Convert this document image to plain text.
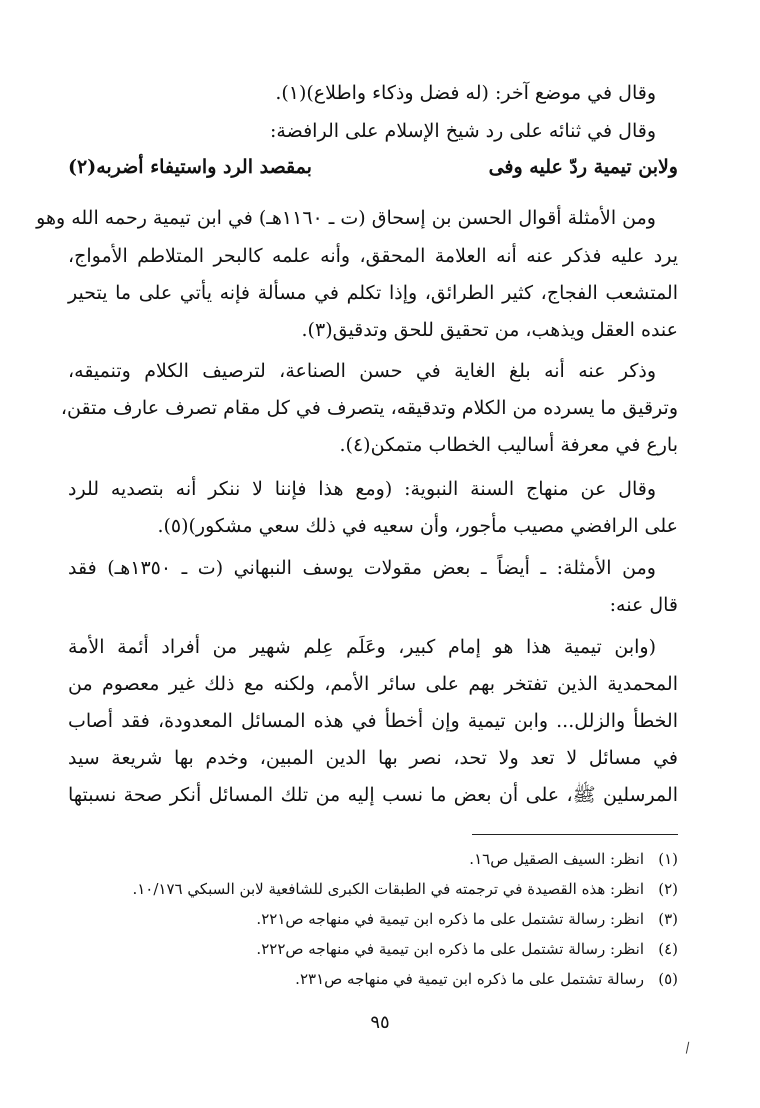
وقال في موضع آخر: (له فضل وذكاء واطلاع)(١).
وقال في ثنائه على رد شيخ الإسلام على الرافضة:
ولابن تيمية ردّ عليه وفى
بمقصد الرد واستيفاء أضربه(٢)
ومن الأمثلة أقوال الحسن بن إسحاق (ت ـ ١١٦٠هـ) في ابن تيمية رحمه الله وهو
يرد عليه فذكر عنه أنه العلامة المحقق، وأنه علمه كالبحر المتلاطم الأمواج،
المتشعب الفجاج، كثير الطرائق، وإذا تكلم في مسألة فإنه يأتي على ما يتحير
عنده العقل ويذهب، من تحقيق للحق وتدقيق(٣).
وذكر عنه أنه بلغ الغاية في حسن الصناعة، لترصيف الكلام وتنميقه،
وترقيق ما يسرده من الكلام وتدقيقه، يتصرف في كل مقام تصرف عارف متقن،
بارع في معرفة أساليب الخطاب متمكن(٤).
وقال عن منهاج السنة النبوية: (ومع هذا فإننا لا ننكر أنه بتصديه للرد
على الرافضي مصيب مأجور، وأن سعيه في ذلك سعي مشكور)(٥).
ومن الأمثلة: ـ أيضاً ـ بعض مقولات يوسف النبهاني (ت ـ ١٣٥٠هـ) فقد
قال عنه:
(وابن تيمية هذا هو إمام كبير، وعَلَم عِلم شهير من أفراد أئمة الأمة
المحمدية الذين تفتخر بهم على سائر الأمم، ولكنه مع ذلك غير معصوم من
الخطأ والزلل... وابن تيمية وإن أخطأ في هذه المسائل المعدودة، فقد أصاب
في مسائل لا تعد ولا تحد، نصر بها الدين المبين، وخدم بها شريعة سيد
المرسلين ﷺ، على أن بعض ما نسب إليه من تلك المسائل أنكر صحة نسبتها
(١)انظر: السيف الصقيل ص١٦.
(٢)انظر: هذه القصيدة في ترجمته في الطبقات الكبرى للشافعية لابن السبكي ١٠/١٧٦.
(٣)انظر: رسالة تشتمل على ما ذكره ابن تيمية في منهاجه ص٢٢١.
(٤)انظر: رسالة تشتمل على ما ذكره ابن تيمية في منهاجه ص٢٢٢.
(٥)رسالة تشتمل على ما ذكره ابن تيمية في منهاجه ص٢٣١.
٩٥
